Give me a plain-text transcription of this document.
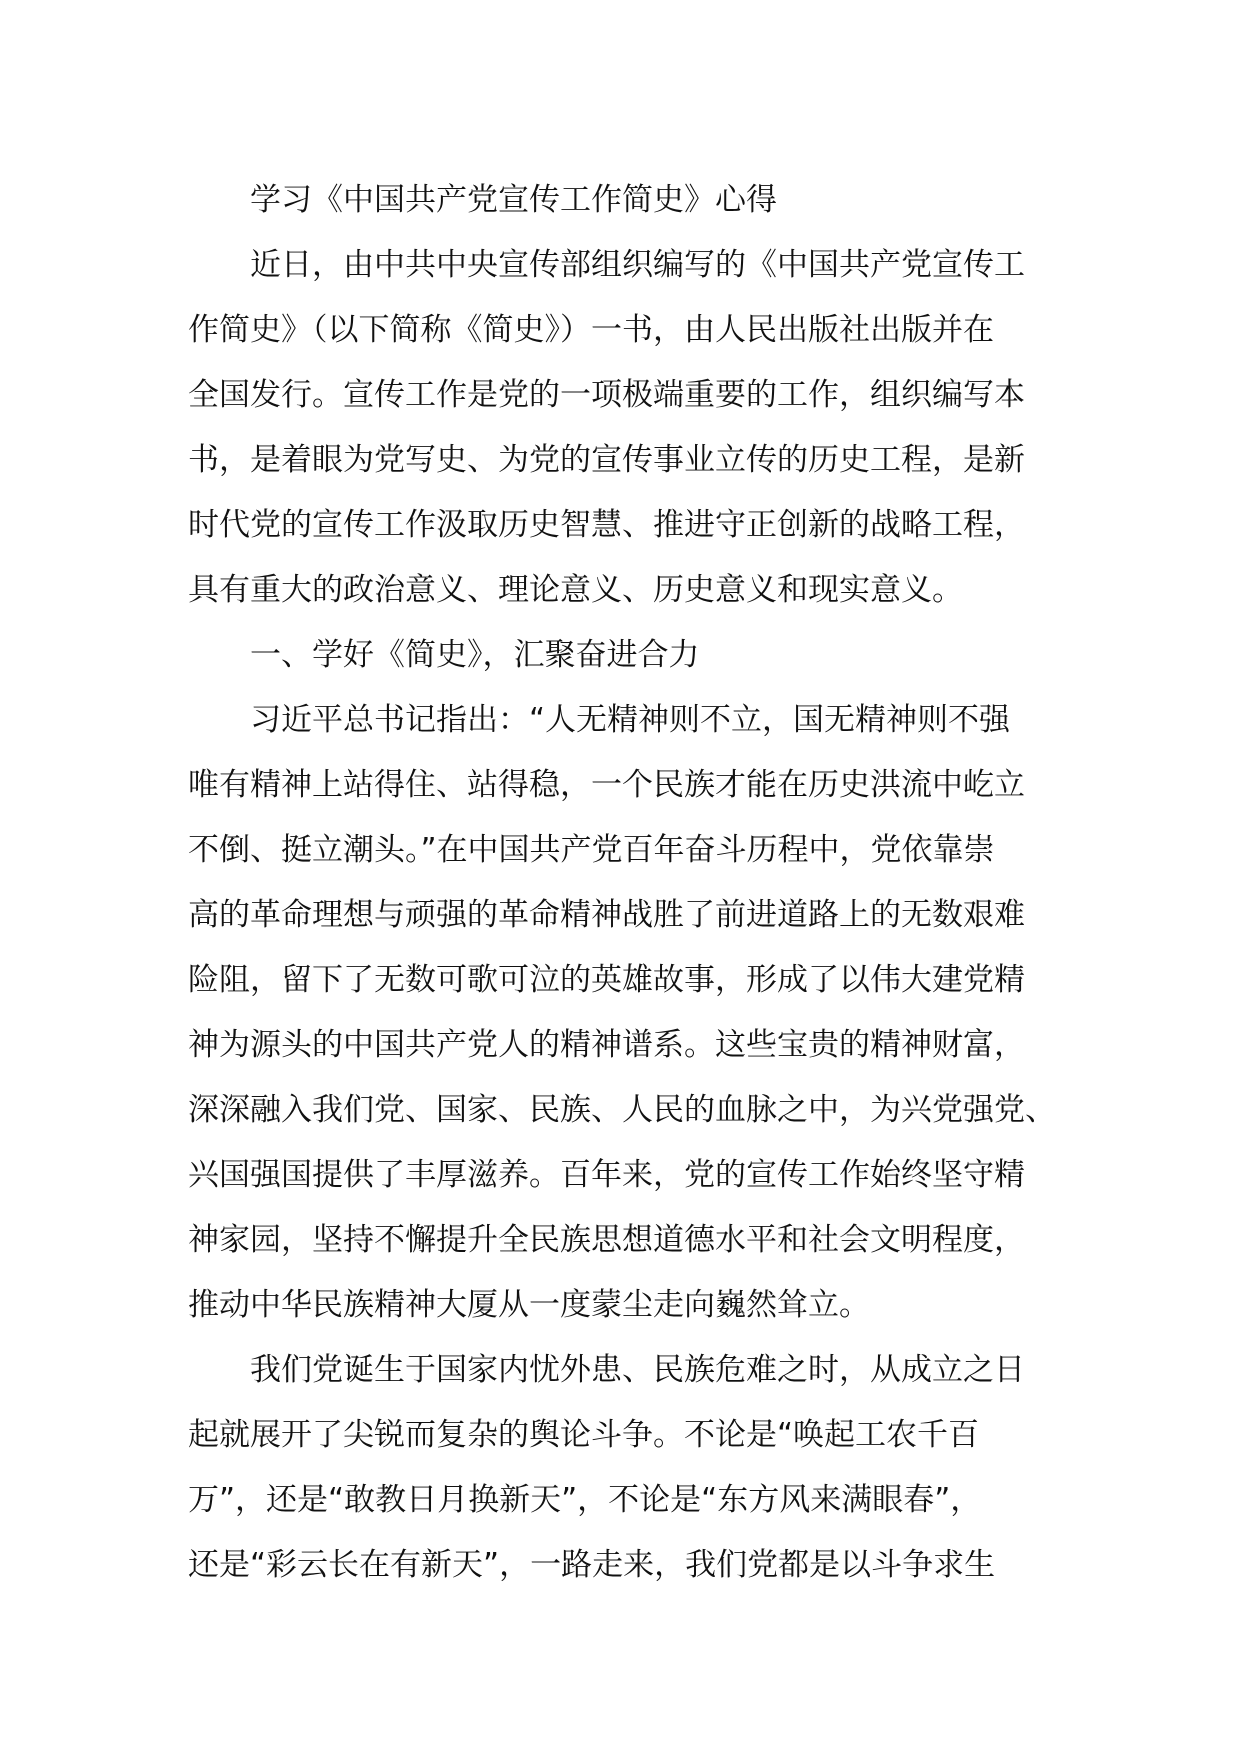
学习《中国共产党宣传工作简史》心得
近日，由中共中央宣传部组织编写的《中国共产党宣传工
作简史》（以下简称《简史》）一书，由人民出版社出版并在
全国发行。宣传工作是党的一项极端重要的工作，组织编写本
书，是着眼为党写史、为党的宣传事业立传的历史工程，是新
时代党的宣传工作汲取历史智慧、推进守正创新的战略工程，
具有重大的政治意义、理论意义、历史意义和现实意义。
一、学好《简史》，汇聚奋进合力
习近平总书记指出：“人无精神则不立，国无精神则不强
唯有精神上站得住、站得稳，一个民族才能在历史洪流中屹立
不倒、挺立潮头。”在中国共产党百年奋斗历程中，党依靠崇
高的革命理想与顽强的革命精神战胜了前进道路上的无数艰难
险阻，留下了无数可歌可泣的英雄故事，形成了以伟大建党精
神为源头的中国共产党人的精神谱系。这些宝贵的精神财富，
深深融入我们党、国家、民族、人民的血脉之中，为兴党强党、
兴国强国提供了丰厚滋养。百年来，党的宣传工作始终坚守精
神家园，坚持不懈提升全民族思想道德水平和社会文明程度，
推动中华民族精神大厦从一度蒙尘走向巍然耸立。
我们党诞生于国家内忧外患、民族危难之时，从成立之日
起就展开了尖锐而复杂的舆论斗争。不论是“唤起工农千百
万”，还是“敢教日月换新天”，不论是“东方风来满眼春”，
还是“彩云长在有新天”，一路走来，我们党都是以斗争求生
